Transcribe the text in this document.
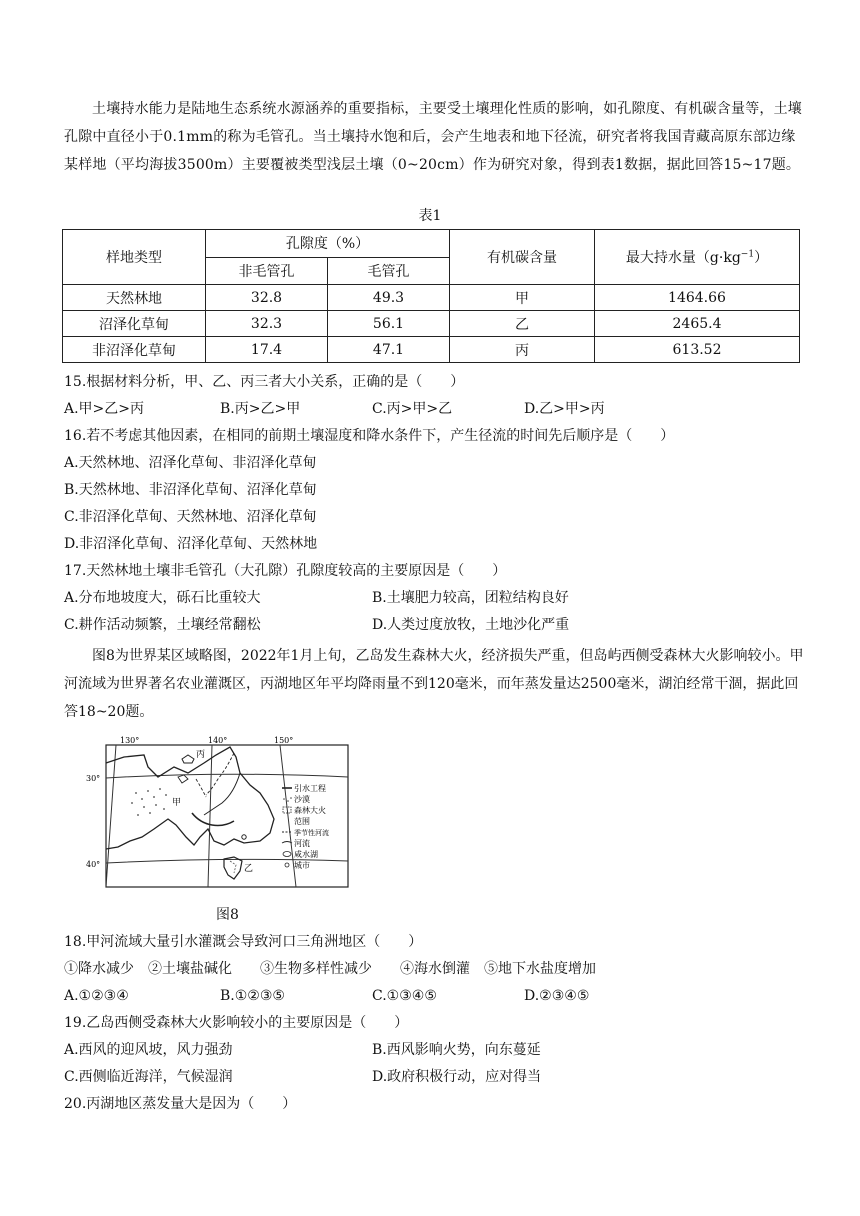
土壤持水能力是陆地生态系统水源涵养的重要指标，主要受土壤理化性质的影响，如孔隙度、有机碳含量等，土壤孔隙中直径小于0.1mm的称为毛管孔。当土壤持水饱和后，会产生地表和地下径流，研究者将我国青藏高原东部边缘某样地（平均海拔3500m）主要覆被类型浅层土壤（0~20cm）作为研究对象，得到表1数据，据此回答15~17题。

表1
样地类型	孔隙度（%）		有机碳含量	最大持水量$(g\cdot kg^{-1})$
	非毛管孔	毛管孔		
天然林地	32.8	49.3	甲	1464.66
沼泽化草甸	32.3	56.1	乙	2465.4
非沼泽化草甸	17.4	47.1	丙	613.52

15.根据材料分析，甲、乙、丙三者大小关系，正确的是（　　）

A.甲>乙>丙	B.丙>乙>甲	C.丙>甲>乙	D.乙>甲>丙

16.若不考虑其他因素，在相同的前期土壤湿度和降水条件下，产生径流的时间先后顺序是（　　）

A.天然林地、沼泽化草甸、非沼泽化草甸

B.天然林地、非沼泽化草甸、沼泽化草甸

C.非沼泽化草甸、天然林地、沼泽化草甸

D.非沼泽化草甸、沼泽化草甸、天然林地

17.天然林地土壤非毛管孔（大孔隙）孔隙度较高的主要原因是（　　）

A.分布地坡度大，砾石比重较大	B.土壤肥力较高，团粒结构良好
C.耕作活动频繁，土壤经常翻松	D.人类过度放牧，土地沙化严重

图8为世界某区域略图，2022年1月上旬，乙岛发生森林大火，经济损失严重，但岛屿西侧受森林大火影响较小。甲河流域为世界著名农业灌溉区，丙湖地区年平均降雨量不到120毫米，而年蒸发量达2500毫米，湖泊经常干涸，据此回答18~20题。

130°	140°	150°
30°
40°
丙
甲
乙
引水工程
沙漠
森林大火
范围
季节性河流
河流
咸水湖
城市

图8

18.甲河流域大量引水灌溉会导致河口三角洲地区（　　）

①降水减少　②土壤盐碱化　　③生物多样性减少　　④海水倒灌　⑤地下水盐度增加

A.①②③④	B.①②③⑤	C.①③④⑤	D.②③④⑤

19.乙岛西侧受森林大火影响较小的主要原因是（　　）

A.西风的迎风坡，风力强劲	B.西风影响火势，向东蔓延
C.西侧临近海洋，气候湿润	D.政府积极行动，应对得当

20.丙湖地区蒸发量大是因为（　　）
